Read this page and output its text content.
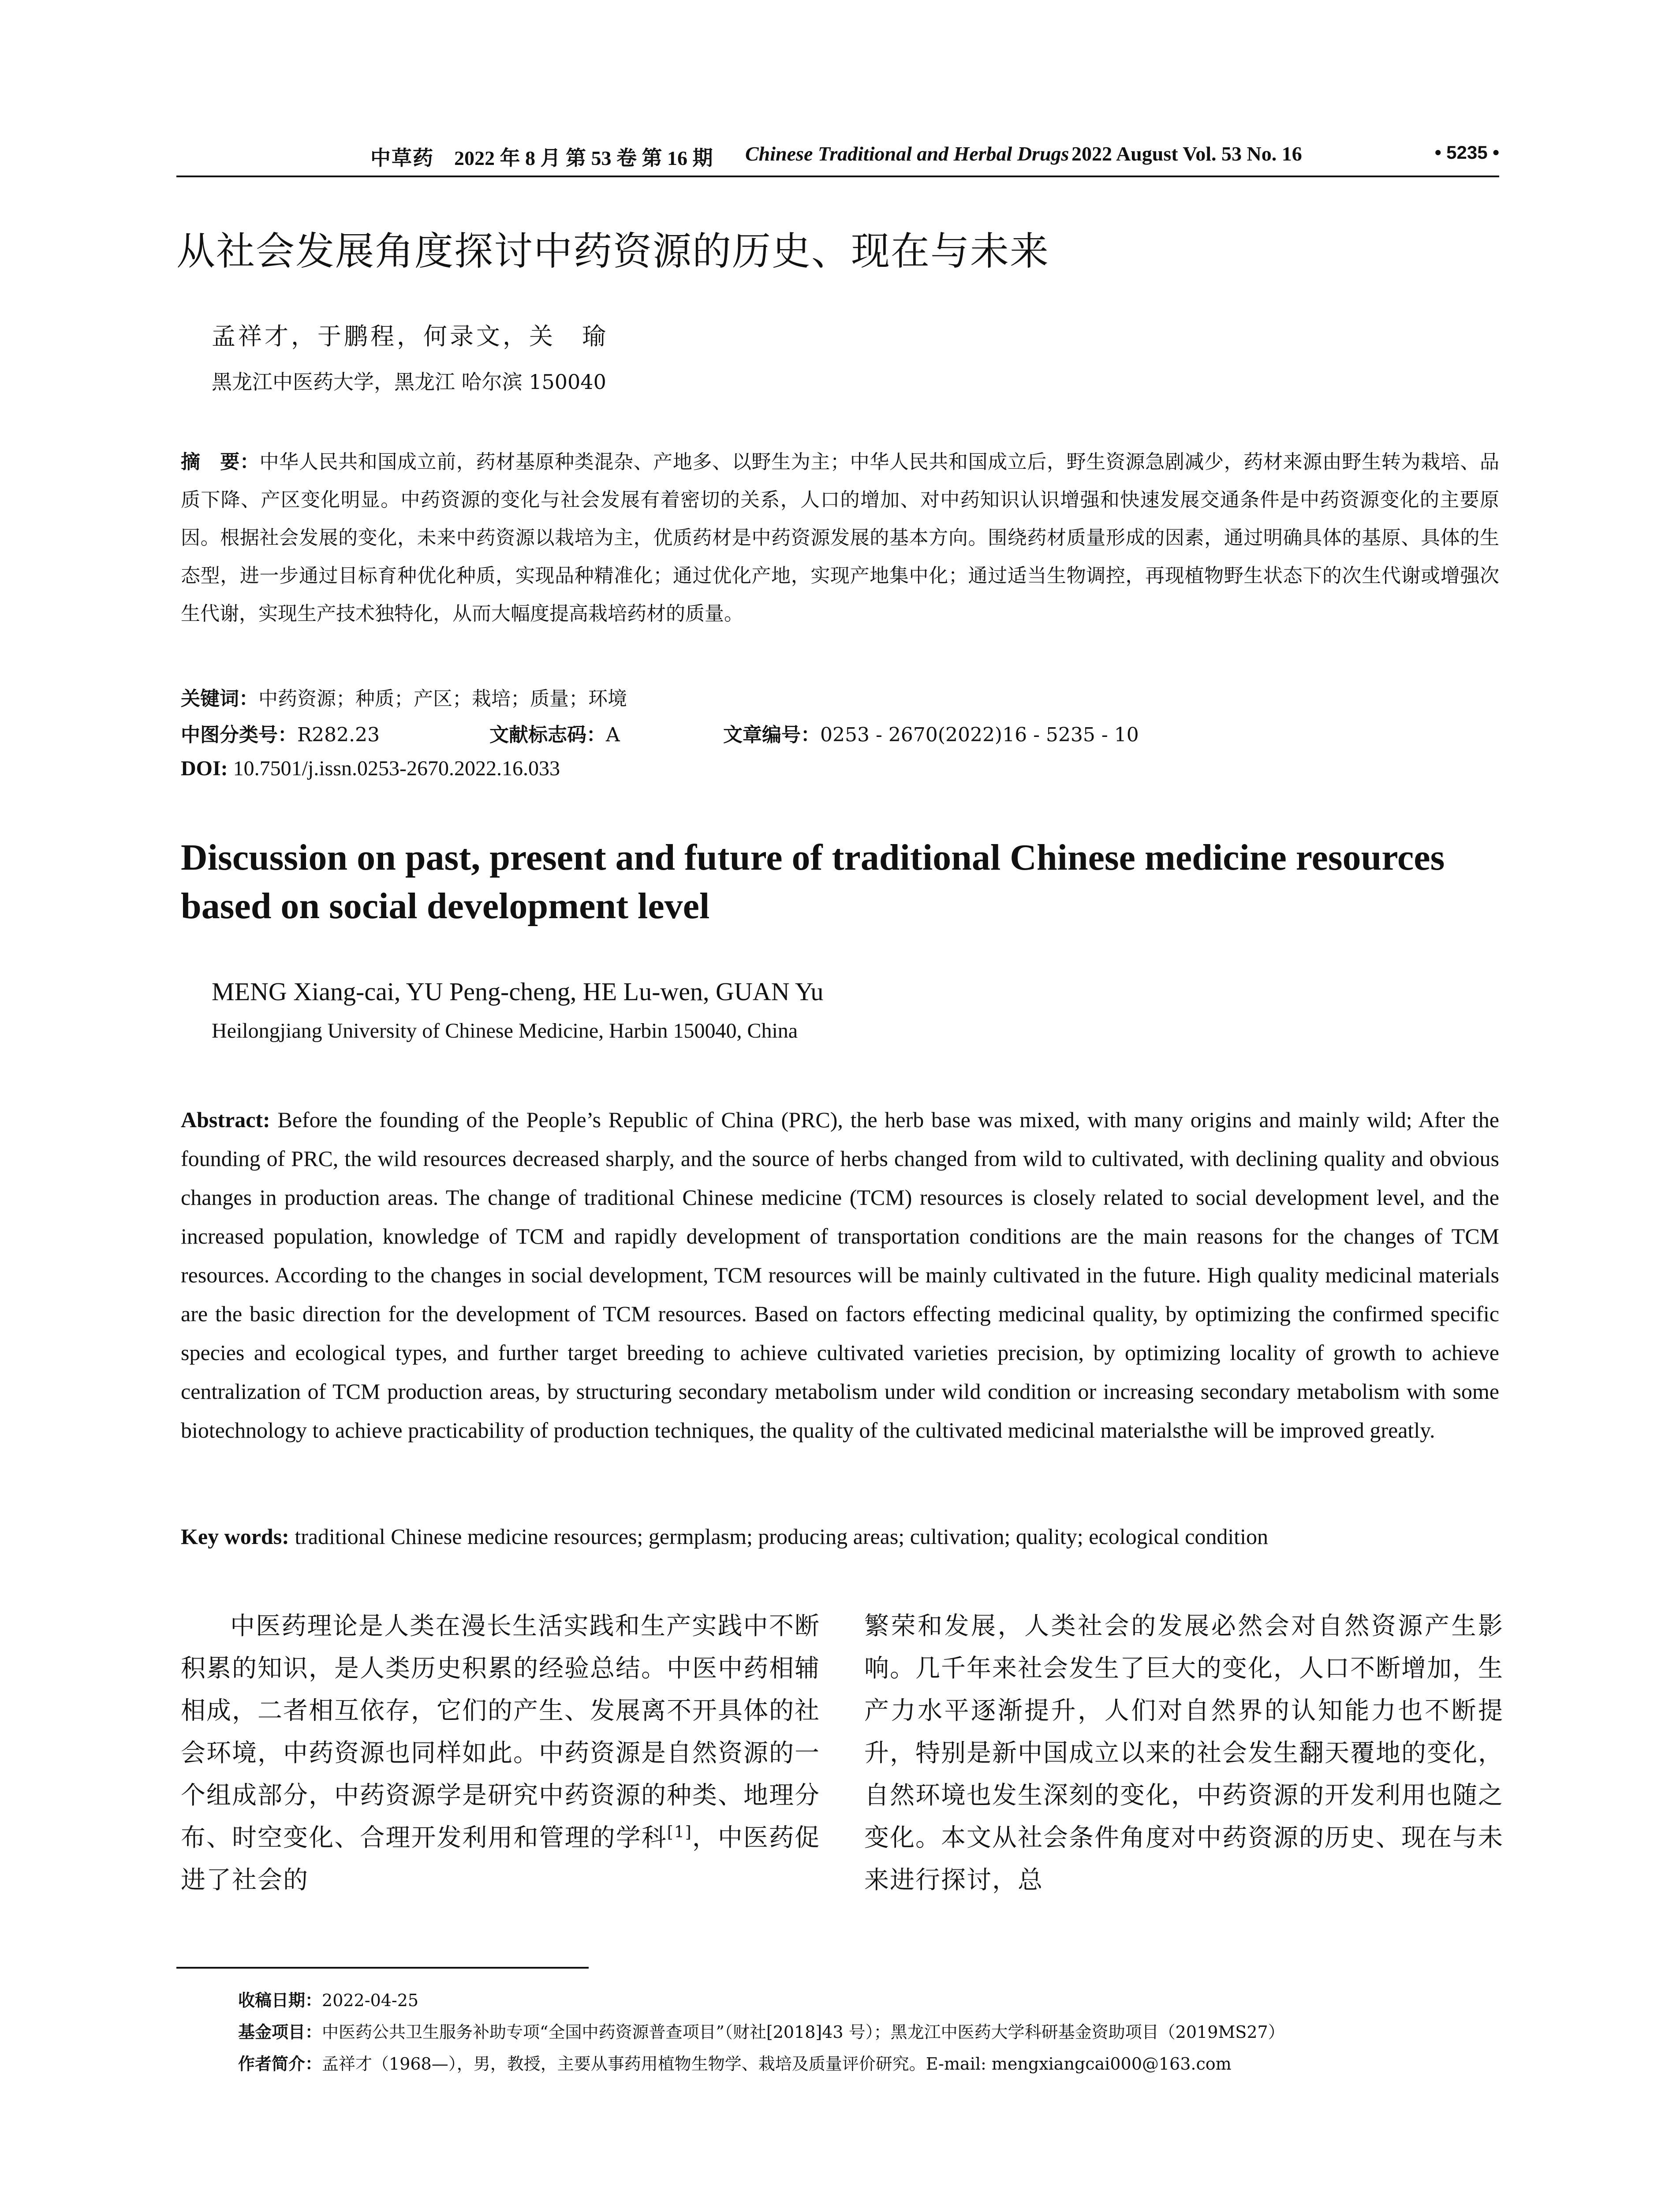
中草药 2022 年 8 月 第 53 卷 第 16 期 Chinese Traditional and Herbal Drugs 2022 August Vol. 53 No. 16	• 5235 •
从社会发展角度探讨中药资源的历史、现在与未来
孟祥才，于鹏程，何录文，关　瑜
黑龙江中医药大学，黑龙江 哈尔滨 150040
摘　要：中华人民共和国成立前，药材基原种类混杂、产地多、以野生为主；中华人民共和国成立后，野生资源急剧减少，药材来源由野生转为栽培、品质下降、产区变化明显。中药资源的变化与社会发展有着密切的关系，人口的增加、对中药知识认识增强和快速发展交通条件是中药资源变化的主要原因。根据社会发展的变化，未来中药资源以栽培为主，优质药材是中药资源发展的基本方向。围绕药材质量形成的因素，通过明确具体的基原、具体的生态型，进一步通过目标育种优化种质，实现品种精准化；通过优化产地，实现产地集中化；通过适当生物调控，再现植物野生状态下的次生代谢或增强次生代谢，实现生产技术独特化，从而大幅度提高栽培药材的质量。
关键词：中药资源；种质；产区；栽培；质量；环境
中图分类号：R282.23	文献标志码：A	文章编号：0253 - 2670(2022)16 - 5235 - 10
DOI: 10.7501/j.issn.0253-2670.2022.16.033
Discussion on past, present and future of traditional Chinese medicine resources based on social development level
MENG Xiang-cai, YU Peng-cheng, HE Lu-wen, GUAN Yu
Heilongjiang University of Chinese Medicine, Harbin 150040, China
Abstract: Before the founding of the People’s Republic of China (PRC), the herb base was mixed, with many origins and mainly wild; After the founding of PRC, the wild resources decreased sharply, and the source of herbs changed from wild to cultivated, with declining quality and obvious changes in production areas. The change of traditional Chinese medicine (TCM) resources is closely related to social development level, and the increased population, knowledge of TCM and rapidly development of transportation conditions are the main reasons for the changes of TCM resources. According to the changes in social development, TCM resources will be mainly cultivated in the future. High quality medicinal materials are the basic direction for the development of TCM resources. Based on factors effecting medicinal quality, by optimizing the confirmed specific species and ecological types, and further target breeding to achieve cultivated varieties precision, by optimizing locality of growth to achieve centralization of TCM production areas, by structuring secondary metabolism under wild condition or increasing secondary metabolism with some biotechnology to achieve practicability of production techniques, the quality of the cultivated medicinal materialsthe will be improved greatly.
Key words: traditional Chinese medicine resources; germplasm; producing areas; cultivation; quality; ecological condition
中医药理论是人类在漫长生活实践和生产实践中不断积累的知识，是人类历史积累的经验总结。中医中药相辅相成，二者相互依存，它们的产生、发展离不开具体的社会环境，中药资源也同样如此。中药资源是自然资源的一个组成部分，中药资源学是研究中药资源的种类、地理分布、时空变化、合理开发利用和管理的学科[1]，中医药促进了社会的
繁荣和发展，人类社会的发展必然会对自然资源产生影响。几千年来社会发生了巨大的变化，人口不断增加，生产力水平逐渐提升，人们对自然界的认知能力也不断提升，特别是新中国成立以来的社会发生翻天覆地的变化，自然环境也发生深刻的变化，中药资源的开发利用也随之变化。本文从社会条件角度对中药资源的历史、现在与未来进行探讨，总
收稿日期：2022-04-25
基金项目：中医药公共卫生服务补助专项“全国中药资源普查项目”（财社[2018]43 号）；黑龙江中医药大学科研基金资助项目（2019MS27）
作者简介：孟祥才（1968—），男，教授，主要从事药用植物生物学、栽培及质量评价研究。E-mail: mengxiangcai000@163.com
